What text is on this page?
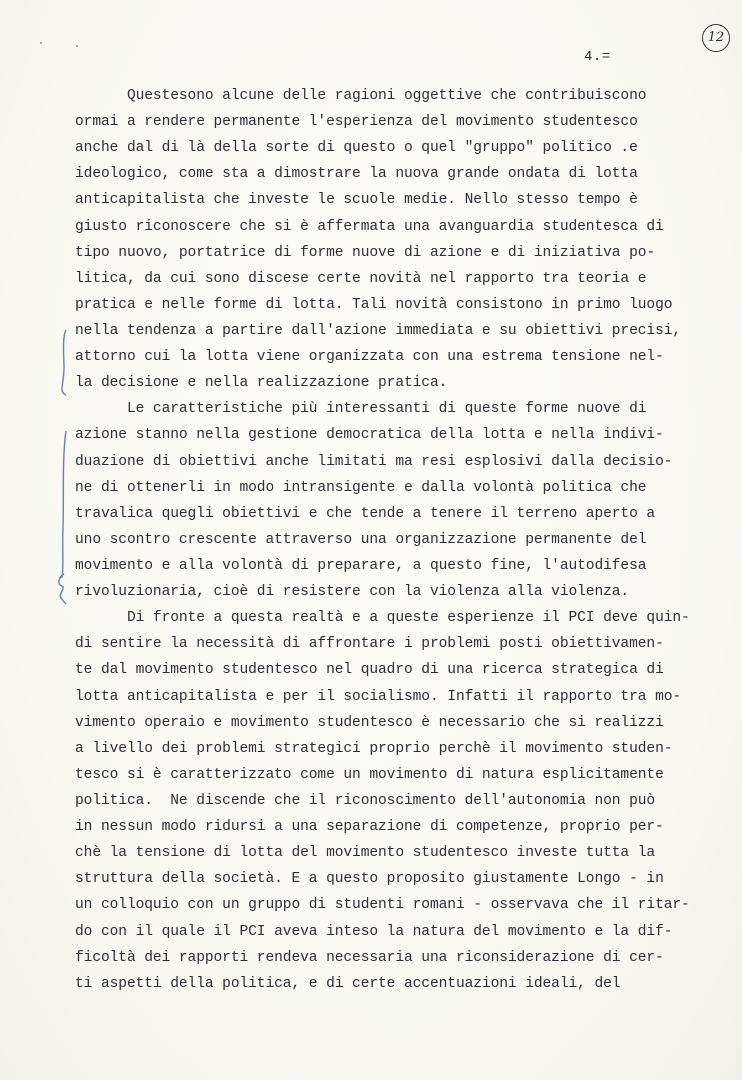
12
4.=
Questesono alcune delle ragioni oggettive che contribuiscono
ormai a rendere permanente l'esperienza del movimento studentesco
anche dal di là della sorte di questo o quel "gruppo" politico .e
ideologico, come sta a dimostrare la nuova grande ondata di lotta
anticapitalista che investe le scuole medie. Nello stesso tempo è
giusto riconoscere che si è affermata una avanguardia studentesca di
tipo nuovo, portatrice di forme nuove di azione e di iniziativa po-
litica, da cui sono discese certe novità nel rapporto tra teoria e
pratica e nelle forme di lotta. Tali novità consistono in primo luogo
nella tendenza a partire dall'azione immediata e su obiettivi precisi,
attorno cui la lotta viene organizzata con una estrema tensione nel-
la decisione e nella realizzazione pratica.
Le caratteristiche più interessanti di queste forme nuove di
azione stanno nella gestione democratica della lotta e nella indivi-
duazione di obiettivi anche limitati ma resi esplosivi dalla decisio-
ne di ottenerli in modo intransigente e dalla volontà politica che
travalica quegli obiettivi e che tende a tenere il terreno aperto a
uno scontro crescente attraverso una organizzazione permanente del
movimento e alla volontà di preparare, a questo fine, l'autodifesa
rivoluzionaria, cioè di resistere con la violenza alla violenza.
Di fronte a questa realtà e a queste esperienze il PCI deve quin-
di sentire la necessità di affrontare i problemi posti obiettivamen-
te dal movimento studentesco nel quadro di una ricerca strategica di
lotta anticapitalista e per il socialismo. Infatti il rapporto tra mo-
vimento operaio e movimento studentesco è necessario che si realizzi
a livello dei problemi strategici proprio perchè il movimento studen-
tesco si è caratterizzato come un movimento di natura esplicitamente
politica.  Ne discende che il riconoscimento dell'autonomia non può
in nessun modo ridursi a una separazione di competenze, proprio per-
chè la tensione di lotta del movimento studentesco investe tutta la
struttura della società. E a questo proposito giustamente Longo - in
un colloquio con un gruppo di studenti romani - osservava che il ritar-
do con il quale il PCI aveva inteso la natura del movimento e la dif-
ficoltà dei rapporti rendeva necessaria una riconsiderazione di cer-
ti aspetti della politica, e di certe accentuazioni ideali, del
